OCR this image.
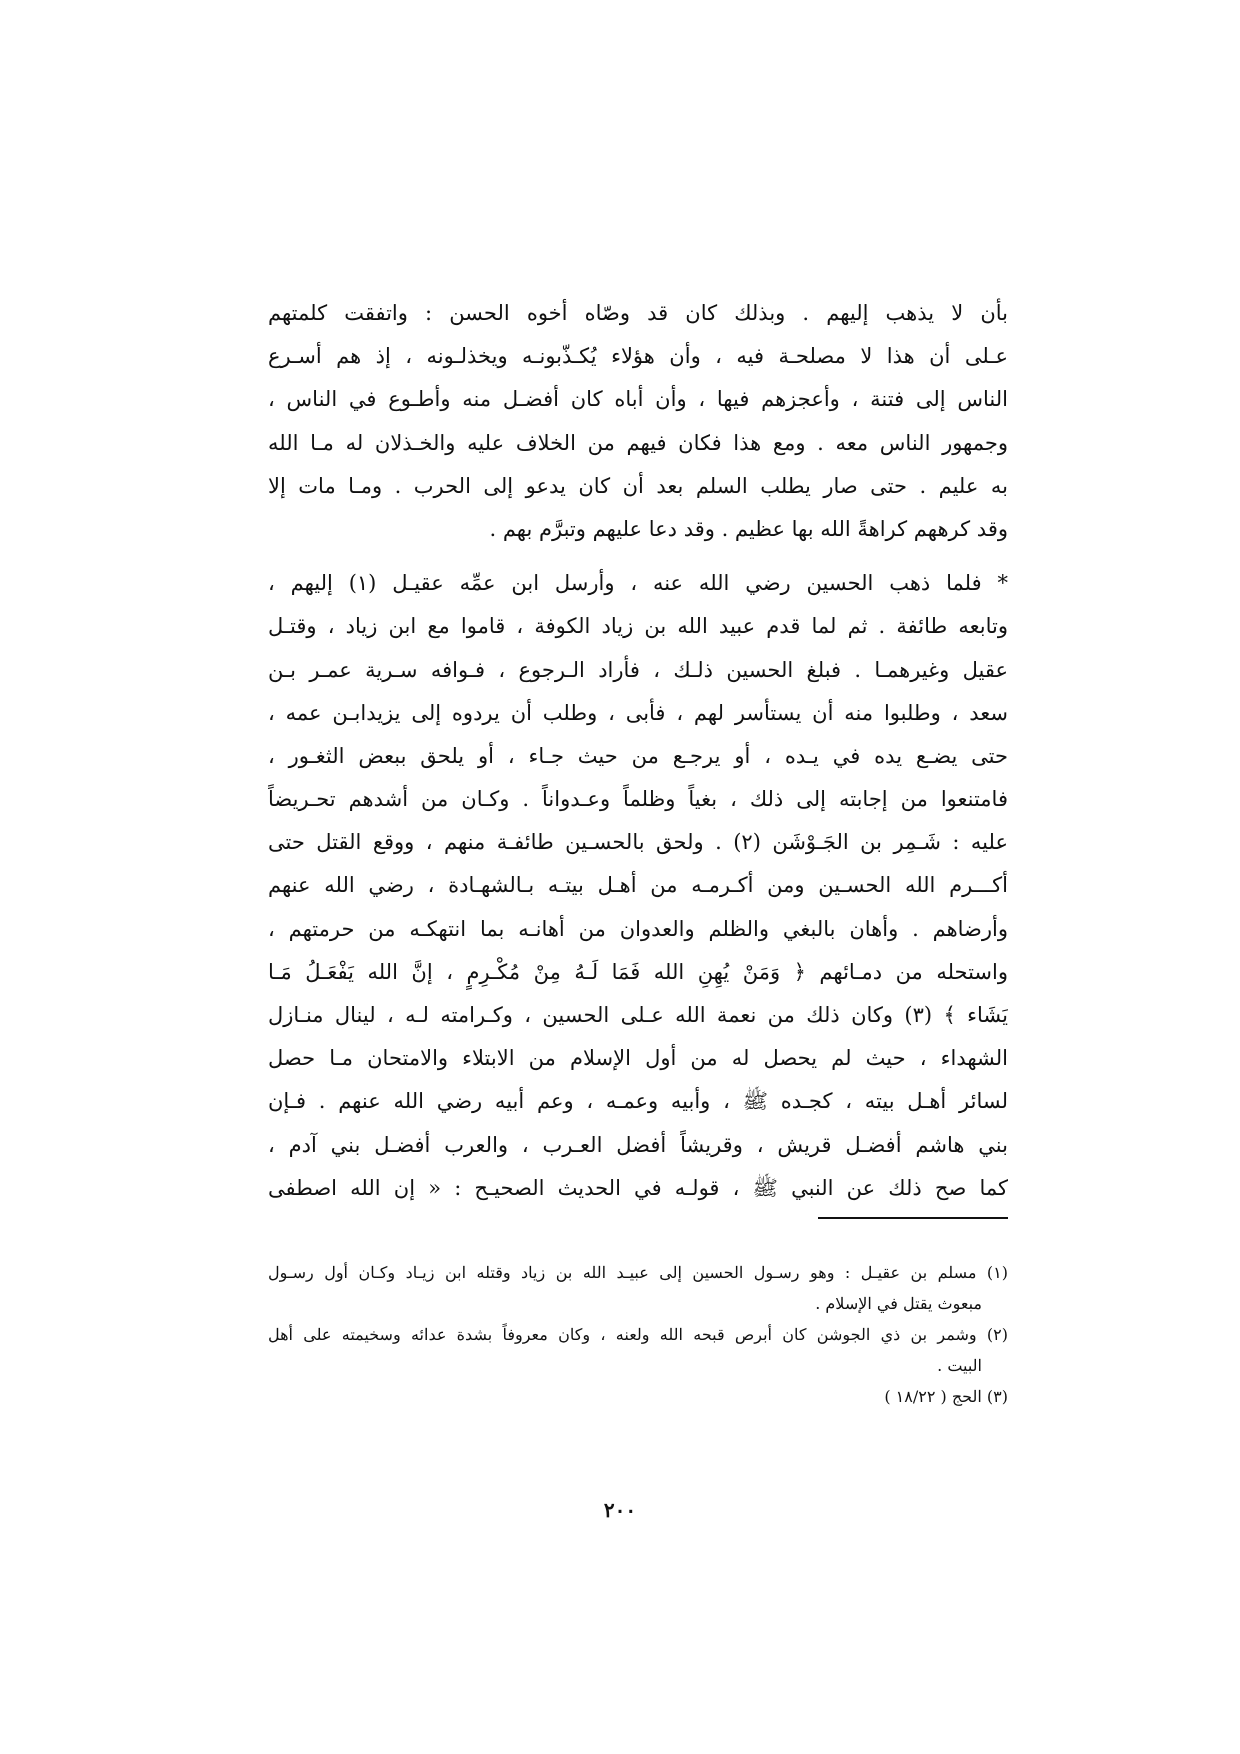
بأن لا يذهب إليهم . وبذلك كان قد وصّاه أخوه الحسن : واتفقت كلمتهم
عـلى أن هذا لا مصلحـة فيه ، وأن هؤلاء يُكـذّبونـه ويخذلـونه ، إذ هم أسـرع
الناس إلى فتنة ، وأعجزهم فيها ، وأن أباه كان أفضـل منه وأطـوع في الناس ،
وجمهور الناس معه . ومع هذا فكان فيهم من الخلاف عليه والخـذلان له مـا الله
به عليم . حتى صار يطلب السلم بعد أن كان يدعو إلى الحرب . ومـا مات إلا
وقد كرههم كراهةً الله بها عظيم . وقد دعا عليهم وتبرَّم بهم .
* فلما ذهب الحسين رضي الله عنه ، وأرسل ابن عمِّه عقيـل (١) إليهم ،
وتابعه طائفة . ثم لما قدم عبيد الله بن زياد الكوفة ، قاموا مع ابن زياد ، وقتـل
عقيل وغيرهمـا . فبلغ الحسين ذلـك ، فأراد الـرجوع ، فـوافه سـرية عمـر بـن
سعد ، وطلبوا منه أن يستأسر لهم ، فأبى ، وطلب أن يردوه إلى يزيدابـن عمه ،
حتى يضـع يده في يـده ، أو يرجـع من حيث جـاء ، أو يلحق ببعض الثغـور ،
فامتنعوا من إجابته إلى ذلك ، بغياً وظلماً وعـدواناً . وكـان من أشدهم تحـريضاً
عليه : شَـمِر بن الجَـوْشَن (٢) . ولحق بالحسـين طائفـة منهم ، ووقع القتل حتى
أكـــرم الله الحسـين ومن أكـرمـه من أهـل بيتـه بـالشهـادة ، رضي الله عنهم
وأرضاهم . وأهان بالبغي والظلم والعدوان من أهانـه بما انتهكـه من حرمتهم ،
واستحله من دمـائهم ﴿ وَمَنْ يُهِنِ الله فَمَا لَـهُ مِنْ مُكْـرِمٍ ، إنَّ الله يَفْعَـلُ مَـا
يَشَاء ﴾ (٣) وكان ذلك من نعمة الله عـلى الحسين ، وكـرامته لـه ، لينال منـازل
الشهداء ، حيث لم يحصل له من أول الإسلام من الابتلاء والامتحان مـا حصل
لسائر أهـل بيته ، كجـده ﷺ ، وأبيه وعمـه ، وعم أبيه رضي الله عنهم . فـإن
بني هاشم أفضـل قريش ، وقريشاً أفضل العـرب ، والعرب أفضـل بني آدم ،
كما صح ذلك عن النبي ﷺ ، قولـه في الحديث الصحيـح : « إن الله اصطفى
(١) مسلم بن عقيـل : وهو رسـول الحسين إلى عبيـد الله بن زياد وقتله ابن زيـاد وكـان أول رسـول
مبعوث يقتل في الإسلام .
(٢) وشمر بن ذي الجوشن كان أبرص قبحه الله ولعنه ، وكان معروفاً بشدة عدائه وسخيمته على أهل
البيت .
(٣) الحج ( ١٨/٢٢ )
٢٠٠
